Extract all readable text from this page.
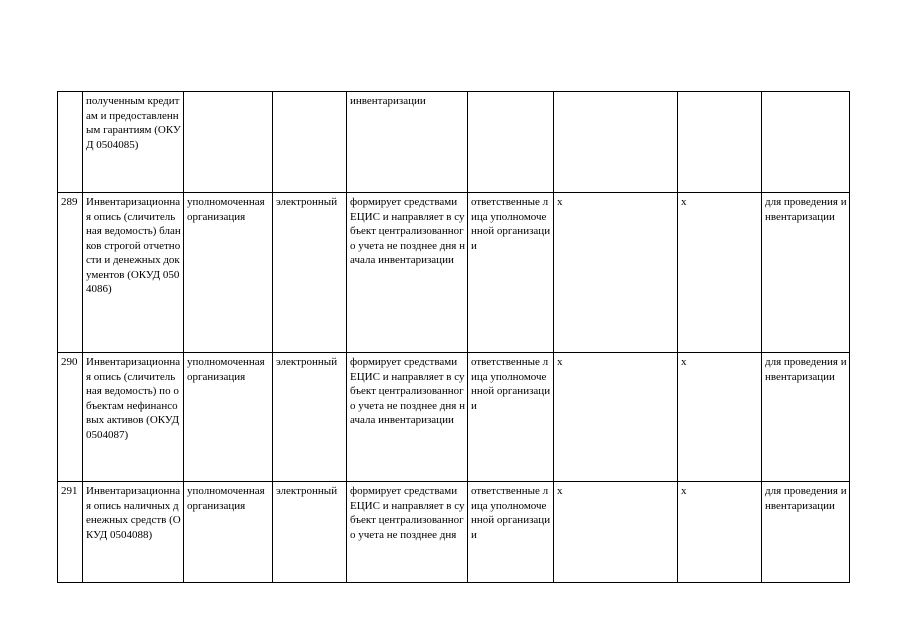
	полученным кредитам и предоставленным гарантиям (ОКУД 0504085)			инвентаризации				
289	Инвентаризационная опись (сличительная ведомость) бланков строгой отчетности и денежных документов (ОКУД 0504086)	уполномоченная организация	электронный	формирует средствами ЕЦИС и направляет в субъект централизованного учета не позднее дня начала инвентаризации	ответственные лица уполномоченной организации	x	x	для проведения инвентаризации
290	Инвентаризационная опись (сличительная ведомость) по объектам нефинансовых активов (ОКУД 0504087)	уполномоченная организация	электронный	формирует средствами ЕЦИС и направляет в субъект централизованного учета не позднее дня начала инвентаризации	ответственные лица уполномоченной организации	x	x	для проведения инвентаризации
291	Инвентаризационная опись наличных денежных средств (ОКУД 0504088)	уполномоченная организация	электронный	формирует средствами ЕЦИС и направляет в субъект централизованного учета не позднее дня	ответственные лица уполномоченной организации	x	x	для проведения инвентаризации
